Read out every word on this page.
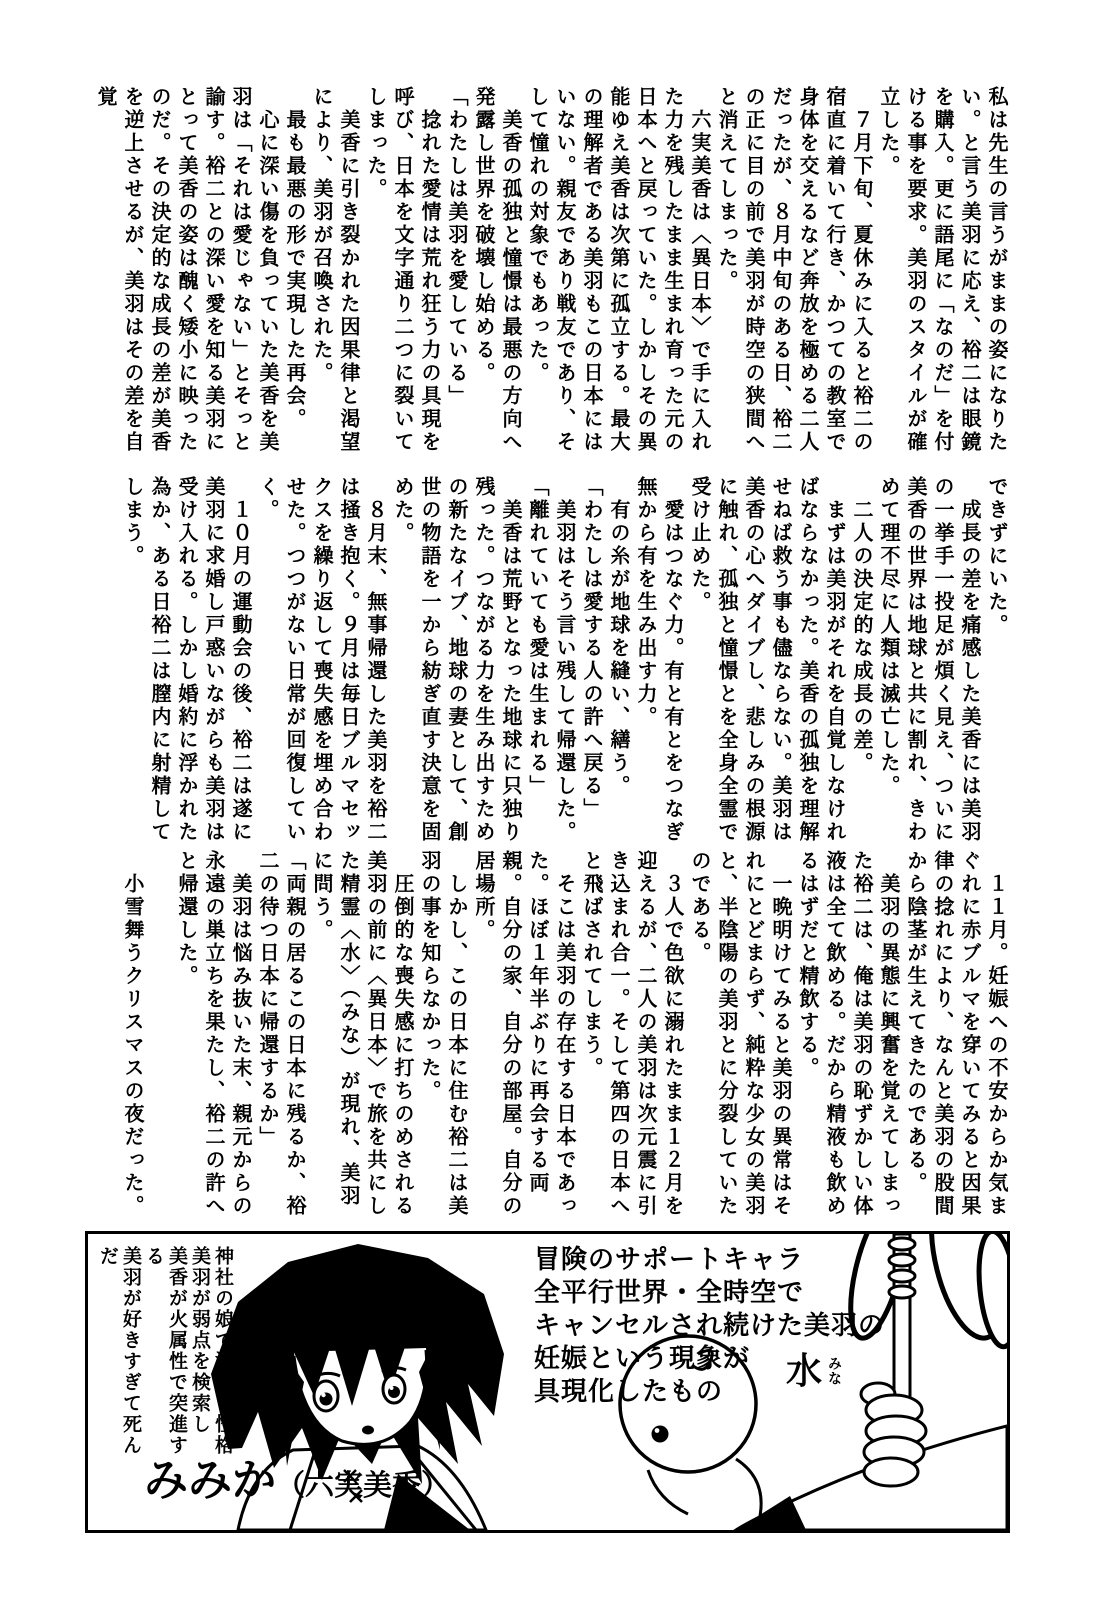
私は先生の言うがままの姿になりたい。と言う美羽に応え、裕二は眼鏡を購入。更に語尾に「なのだ」を付ける事を要求。美羽のスタイルが確立した。

　７月下旬、夏休みに入ると裕二の宿直に着いて行き、かつての教室で身体を交えるなど奔放を極める二人だったが、８月中旬のある日、裕二の正に目の前で美羽が時空の狭間へと消えてしまった。

　六実美香は〈異日本〉で手に入れた力を残したまま生まれ育った元の日本へと戻っていた。しかしその異能ゆえ美香は次第に孤立する。最大の理解者である美羽もこの日本にはいない。親友であり戦友であり、そして憧れの対象でもあった。

　美香の孤独と憧憬は最悪の方向へ発露し世界を破壊し始める。

「わたしは美羽を愛している」

　捻れた愛情は荒れ狂う力の具現を呼び、日本を文字通り二つに裂いてしまった。

　美香に引き裂かれた因果律と渇望により、美羽が召喚された。

　最も最悪の形で実現した再会。

　心に深い傷を負っていた美香を美羽は「それは愛じゃない」とそっと諭す。裕二との深い愛を知る美羽にとって美香の姿は醜く矮小に映ったのだ。その決定的な成長の差が美香を逆上させるが、美羽はその差を自覚

できずにいた。

　成長の差を痛感した美香には美羽の一挙手一投足が煩く見え、ついに美香の世界は地球と共に割れ、きわめて理不尽に人類は滅亡した。

　二人の決定的な成長の差。

　まずは美羽がそれを自覚しなければならなかった。美香の孤独を理解せねば救う事も儘ならない。美羽は美香の心へダイブし、悲しみの根源に触れ、孤独と憧憬とを全身全霊で受け止めた。

　愛はつなぐ力。有と有とをつなぎ無から有を生み出す力。

　有の糸が地球を縫い、繕う。

「わたしは愛する人の許へ戻る」

　美羽はそう言い残して帰還した。

「離れていても愛は生まれる」

　美香は荒野となった地球に只独り残った。つながる力を生み出すための新たなイブ、地球の妻として、創世の物語を一から紡ぎ直す決意を固めた。

　８月末、無事帰還した美羽を裕二は掻き抱く。９月は毎日ブルマセックスを繰り返して喪失感を埋め合わせた。つつがない日常が回復していく。

　１０月の運動会の後、裕二は遂に美羽に求婚し戸惑いながらも美羽は受け入れる。しかし婚約に浮かれた為か、ある日裕二は膣内に射精してしまう。

　１１月。妊娠への不安からか気まぐれに赤ブルマを穿いてみると因果律の捻れにより、なんと美羽の股間から陰茎が生えてきたのである。

　美羽の異態に興奮を覚えてしまった裕二は、俺は美羽の恥ずかしい体液は全て飲める。だから精液も飲めるはずだと精飲する。

　一晩明けてみると美羽の異常はそれにとどまらず、純粋な少女の美羽と、半陰陽の美羽とに分裂していたのである。

　３人で色欲に溺れたまま１２月を迎えるが、二人の美羽は次元震に引き込まれ合一。そして第四の日本へと飛ばされてしまう。

　そこは美羽の存在する日本であった。ほぼ１年半ぶりに再会する両親。自分の家、自分の部屋。自分の居場所。

　しかし、この日本に住む裕二は美羽の事を知らなかった。

　圧倒的な喪失感に打ちのめされる美羽の前に〈異日本〉で旅を共にした精霊〈水〉（みな）が現れ、美羽に問う。

「両親の居るこの日本に残るか、裕二の待つ日本に帰還するか」

　美羽は悩み抜いた末、親元からの永遠の巣立ちを果たし、裕二の許へと帰還した。

　小雪舞うクリスマスの夜だった。

冒険のサポートキャラ

全平行世界・全時空で

キャンセルされ続けた美羽の

妊娠という現象が

具現化したもの	水 みな

神社の娘で激しい性格

美羽が弱点を検索し

美香が火属性で突進する

美羽が好きすぎて死んだ

みみか（六実美香）
